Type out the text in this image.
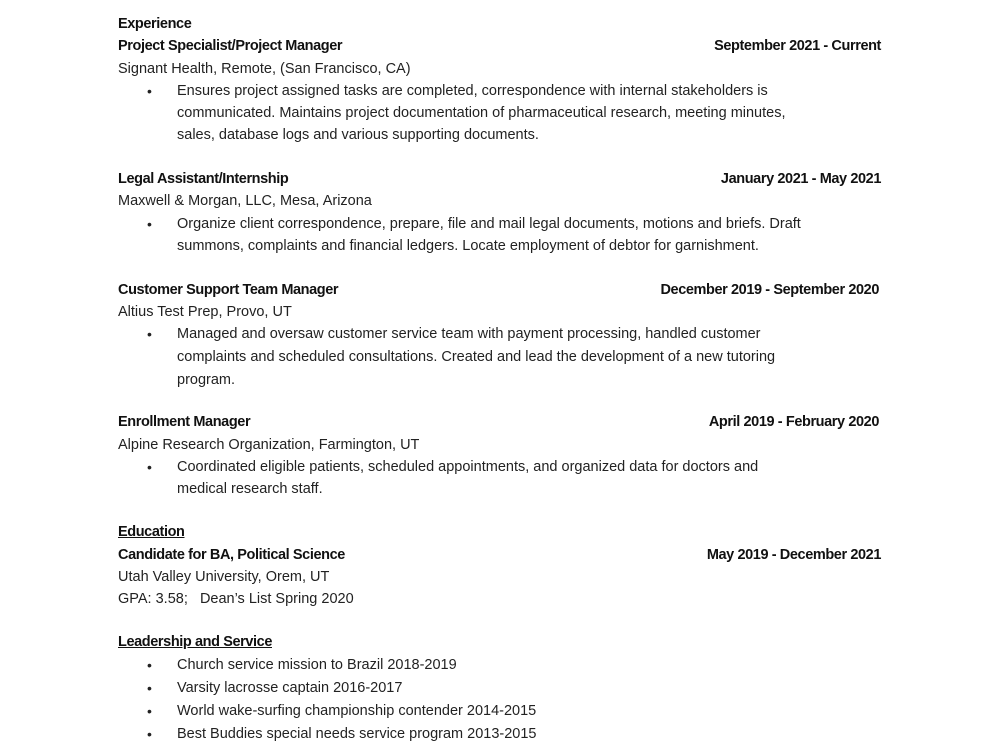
Experience
Project Specialist/Project Manager	September 2021 - Current
Signant Health, Remote, (San Francisco, CA)
• Ensures project assigned tasks are completed, correspondence with internal stakeholders is
communicated. Maintains project documentation of pharmaceutical research, meeting minutes,
sales, database logs and various supporting documents.
Legal Assistant/Internship	January 2021 - May 2021
Maxwell & Morgan, LLC, Mesa, Arizona
• Organize client correspondence, prepare, file and mail legal documents, motions and briefs. Draft
summons, complaints and financial ledgers. Locate employment of debtor for garnishment.
Customer Support Team Manager	December 2019 - September 2020
Altius Test Prep, Provo, UT
• Managed and oversaw customer service team with payment processing, handled customer
complaints and scheduled consultations. Created and lead the development of a new tutoring
program.
Enrollment Manager	April 2019 - February 2020
Alpine Research Organization, Farmington, UT
• Coordinated eligible patients, scheduled appointments, and organized data for doctors and
medical research staff.
Education
Candidate for BA, Political Science	May 2019 - December 2021
Utah Valley University, Orem, UT
GPA: 3.58;   Dean’s List Spring 2020
Leadership and Service
• Church service mission to Brazil 2018-2019
• Varsity lacrosse captain 2016-2017
• World wake-surfing championship contender 2014-2015
• Best Buddies special needs service program 2013-2015
